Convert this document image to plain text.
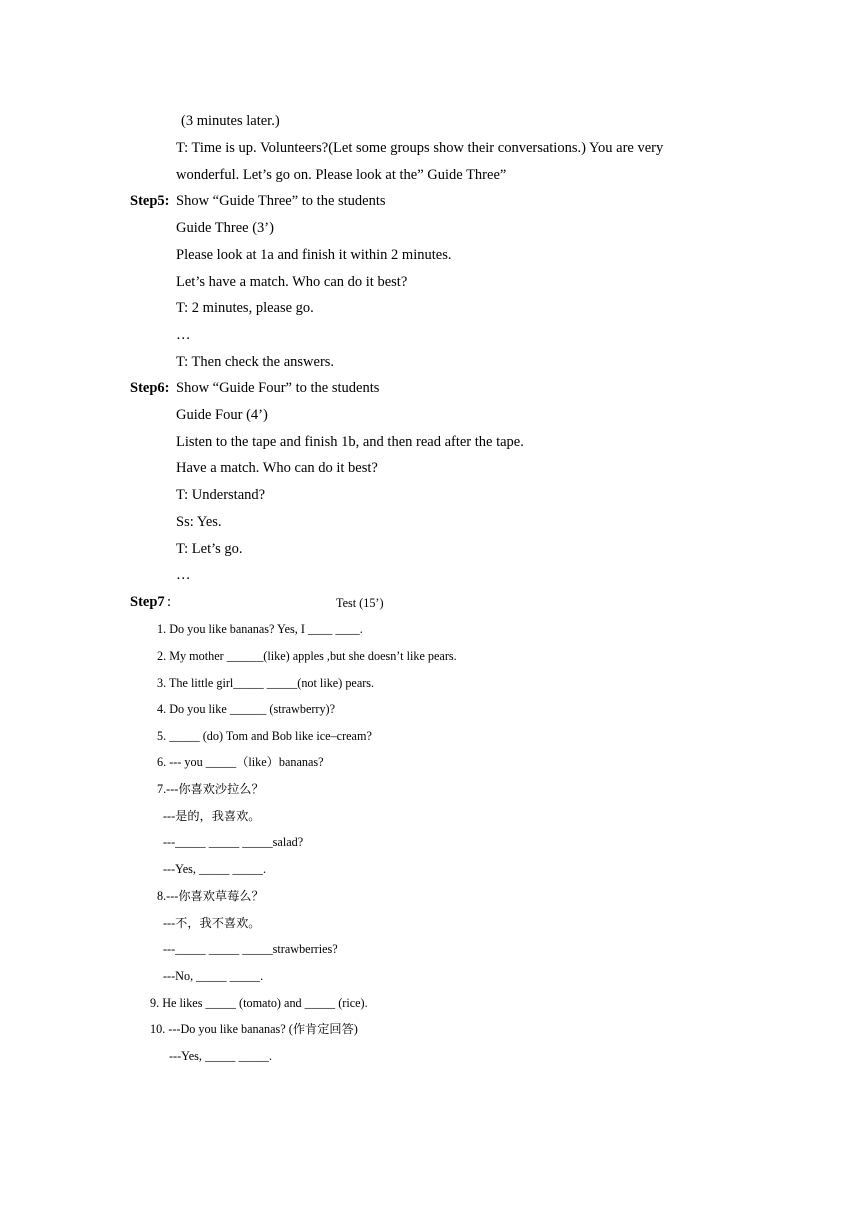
(3 minutes later.)
T: Time is up. Volunteers?(Let some groups show their conversations.) You are very
wonderful. Let’s go on. Please look at the” Guide Three”
Step5: Show “Guide Three” to the students
Guide Three (3’)
Please look at 1a and finish it within 2 minutes.
Let’s have a match. Who can do it best?
T: 2 minutes, please go.
…
T: Then check the answers.
Step6: Show “Guide Four” to the students
Guide Four (4’)
Listen to the tape and finish 1b, and then read after the tape.
Have a match. Who can do it best?
T: Understand?
Ss: Yes.
T: Let’s go.
…
Step7 :	Test (15’)
1. Do you like bananas? Yes, I ____ ____.
2. My mother ______(like) apples ,but she doesn’t like pears.
3. The little girl_____ _____(not like) pears.
4. Do you like ______ (strawberry)?
5. _____ (do) Tom and Bob like ice–cream?
6. --- you _____（like）bananas?
7.---你喜欢沙拉么？
---是的，我喜欢。
---_____ _____ _____salad?
---Yes, _____ _____.
8.---你喜欢草莓么？
---不，我不喜欢。
---_____ _____ _____strawberries?
---No, _____ _____.
9. He likes _____ (tomato) and _____ (rice).
10. ---Do you like bananas? (作肯定回答)
---Yes, _____ _____.
